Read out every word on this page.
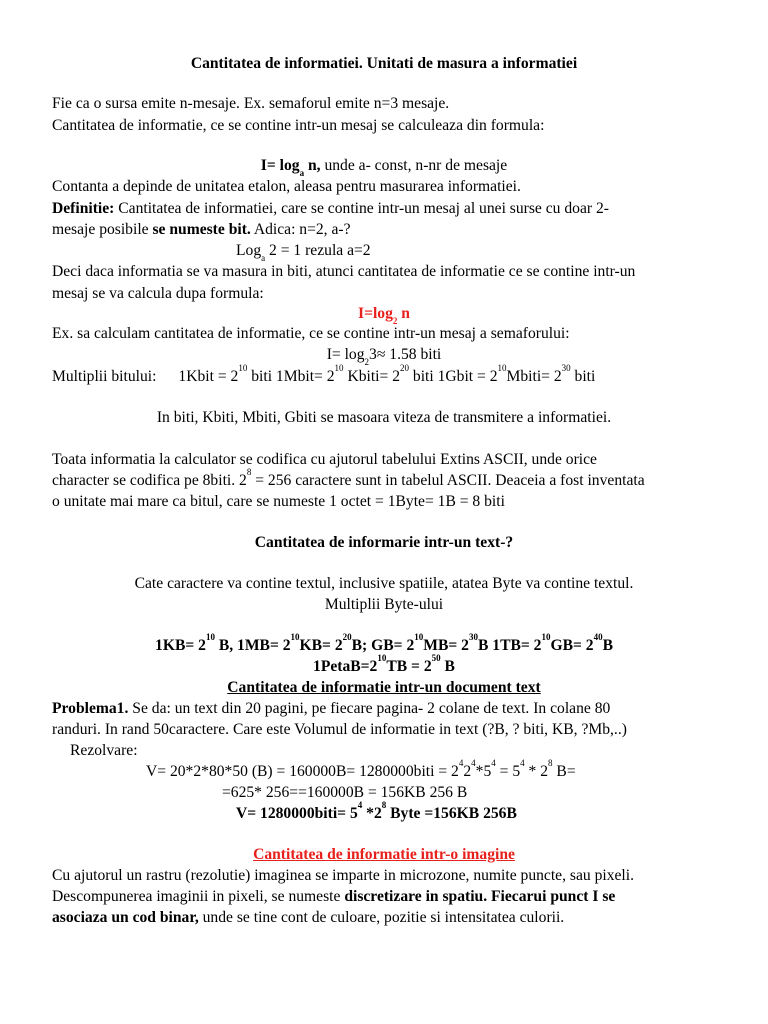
Cantitatea de informatiei. Unitati de masura a informatiei
Fie ca o sursa emite n-mesaje. Ex. semaforul emite n=3 mesaje.
Cantitatea de informatie, ce se contine intr-un mesaj se calculeaza din formula:
$I= \log_a n$, unde a- const, n-nr de mesaje
Contanta a depinde de unitatea etalon, aleasa pentru masurarea informatiei.
Definitie: Cantitatea de informatiei, care se contine intr-un mesaj al unei surse cu doar 2-
mesaje posibile se numeste bit. Adica: n=2, a-?
Log$_a$ 2 = 1 rezula a=2
Deci daca informatia se va masura in biti, atunci cantitatea de informatie ce se contine intr-un
mesaj se va calcula dupa formula:
$I=\log_2$ n
Ex. sa calculam cantitatea de informatie, ce se contine intr-un mesaj a semaforului:
$I= \log_23\approx 1.58$ biti
Multiplii bitului: 1Kbit = $2^{10}$ biti 1Mbit= $2^{10}$ Kbiti= $2^{20}$ biti 1Gbit = $2^{10}Mbiti= 2^{30}$ biti
In biti, Kbiti, Mbiti, Gbiti se masoara viteza de transmitere a informatiei.
Toata informatia la calculator se codifica cu ajutorul tabelului Extins ASCII, unde orice
character se codifica pe 8biti. $2^8 = 256$ caractere sunt in tabelul ASCII. Deaceia a fost inventata
o unitate mai mare ca bitul, care se numeste 1 octet = 1Byte= 1B = 8 biti
Cantitatea de informarie intr-un text-?
Cate caractere va contine textul, inclusive spatiile, atatea Byte va contine textul.
Multiplii Byte-ului
$1KB= 2^{10}$ B, $1MB= 2^{10}KB= 2^{20}B$; $GB= 2^{10}MB= 2^{30}B$ $1TB= 2^{10}GB= 2^{40}B$
$1PetaB=2^{10}TB = 2^{50}$ B
Cantitatea de informatie intr-un document text
Problema1. Se da: un text din 20 pagini, pe fiecare pagina- 2 colane de text. In colane 80
randuri. In rand 50caractere. Care este Volumul de informatie in text (?B, ? biti, KB, ?Mb,..)
Rezolvare:
V= 20*2*80*50 (B) = 160000B= 1280000biti = $2^42^4*5^4 = 5^4 * 2^8$ B=
=625* 256==160000B = 156KB 256 B
V= 1280000biti= $5^4$ $*2^8$ Byte =156KB 256B
Cantitatea de informatie intr-o imagine
Cu ajutorul un rastru (rezolutie) imaginea se imparte in microzone, numite puncte, sau pixeli.
Descompunerea imaginii in pixeli, se numeste discretizare in spatiu. Fiecarui punct I se
asociaza un cod binar, unde se tine cont de culoare, pozitie si intensitatea culorii.
